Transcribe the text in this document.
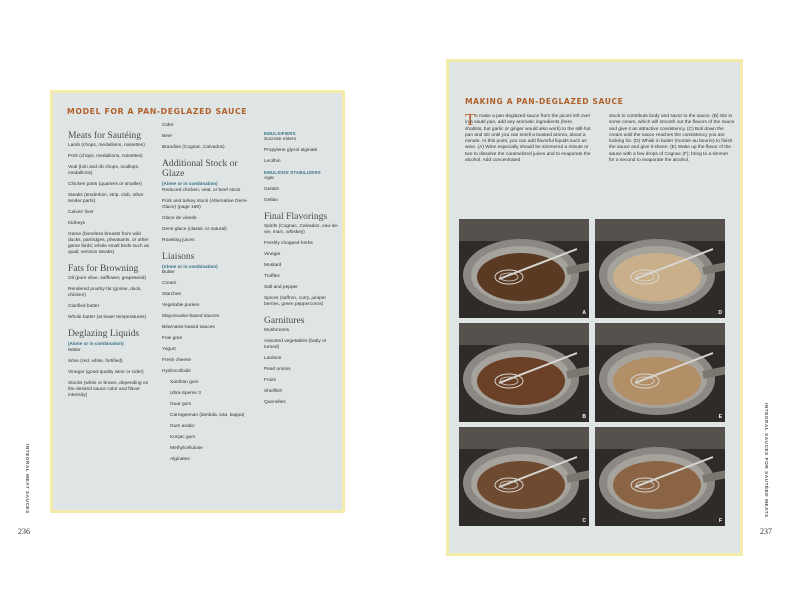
MODEL FOR A PAN-DEGLAZED SAUCE
Meats for Sautéing
Lamb (chops, medallions, noisettes)
Pork (chops, medallions, noisettes)
Veal (loin and rib chops, scallops, medallions)
Chicken parts (quarters or smaller)
Steaks (tenderloin, strip, club, other tender parts)
Calves' liver
Kidneys
Game (boneless breasts from wild ducks, partridges, pheasants, or other game birds; whole small birds such as quail; venison steaks)
Fats for Browning
Oil (pure olive, safflower, grapeseed)
Rendered poultry fat (goose, duck, chicken)
Clarified butter
Whole butter (at lower temperatures)
Deglazing Liquids
(Alone or in combination)
Water
Wine (red, white, fortified)
Vinegar (good-quality wine or cider)
Stocks (white or brown, depending on the desired sauce color and flavor intensity)
Cider
Beer
Brandies (Cognac, Calvados)
Additional Stock or Glaze
(Alone or in combination)
Reduced chicken, veal, or beef stock
Pork and turkey stock (Alternative Demi-Glace) (page 168)
Glace de viande
Demi-glace (classic or natural)
Roasting juices
Liaisons
(Alone or in combination)
Butter
Cream
Starches
Vegetable purées
Mayonnaise-based sauces
Béarnaise-based sauces
Foie gras
Yogurt
Fresh cheese
Hydrocolloids
Xanthan gum
Ultra-Sperse 3
Guar gum
Carrageenan (lambda, iota, kappa)
Gum arabic
Konjac gum
Methylcellulose
Alginates
EMULSIFIERS
Sucrose esters
Propylene glycol alginate
Lecithin
EMULSION STABILIZERS
Agar
Gelatin
Gellan
Final Flavorings
Spirits (Cognac, Calvados, eau-de-vie, marc, whiskey)
Freshly chopped herbs
Vinegar
Mustard
Truffles
Salt and pepper
Spices (saffron, curry, juniper berries, green peppercorns)
Garnitures
Mushrooms
Assorted vegetables (baby or turned)
Lardons
Pearl onions
Fruits
Shellfish
Quenelles
236
INTEGRAL MEAT SAUCES
MAKING A PAN-DEGLAZED SAUCE
T o make a pan-deglazed sauce from the juices left over in a sauté pan, add any aromatic ingredients (here, shallots, but garlic or ginger would also work) to the still-hot pan and stir until you can smell a toasted aroma, about a minute. At this point, you can add flavorful liquids such as wine. (A) Wine especially should be simmered a minute or two to dissolve the caramelized juices and to evaporate the alcohol. Add concentrated

stock to contribute body and savor to the sauce. (B) Stir in some cream, which will smooth out the flavors of the sauce and give it an attractive consistency. (C) Boil down the cream until the sauce reaches the consistency you are looking for. (D) Whisk in butter (monter au beurre) to finish the sauce and give it sheen. (E) Wake up the flavor of the sauce with a few drops of Cognac (F); bring to a simmer for a second to evaporate the alcohol.

A	D
B	E
C	F
237
INTEGRAL SAUCES FOR SAUTÉED MEATS
